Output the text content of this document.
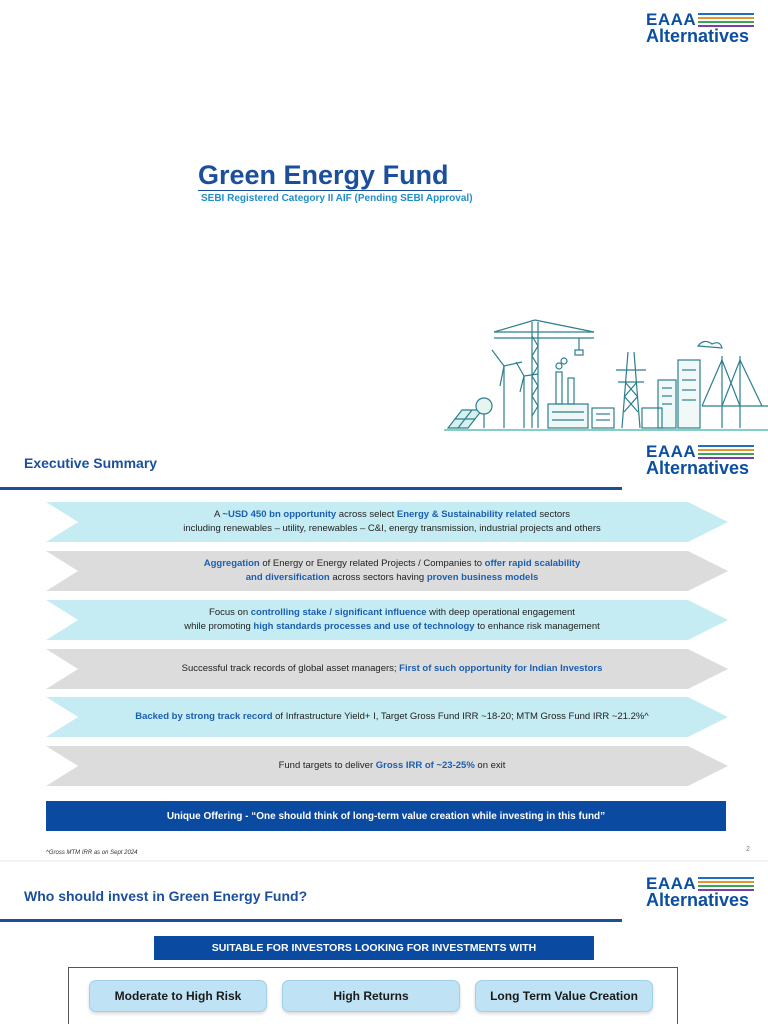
EAAA
Alternatives
Green Energy Fund
SEBI Registered Category II AIF (Pending SEBI Approval)
Executive Summary
EAAA
Alternatives
A ~USD 450 bn opportunity across select Energy & Sustainability related sectors
including renewables – utility, renewables – C&I, energy transmission, industrial projects and others
Aggregation of Energy or Energy related Projects / Companies to offer rapid scalability
and diversification across sectors having proven business models
Focus on controlling stake / significant influence with deep operational engagement
while promoting high standards processes and use of technology to enhance risk management
Successful track records of global asset managers; First of such opportunity for Indian Investors
Backed by strong track record of Infrastructure Yield+ I, Target Gross Fund IRR ~18-20; MTM Gross Fund IRR ~21.2%^
Fund targets to deliver Gross IRR of ~23-25% on exit
Unique Offering - “One should think of long-term value creation while investing in this fund”
^Gross MTM IRR as on Sept 2024	2
Who should invest in Green Energy Fund?
EAAA
Alternatives
SUITABLE FOR INVESTORS LOOKING FOR INVESTMENTS WITH
Moderate to High Risk	High Returns	Long Term Value Creation
